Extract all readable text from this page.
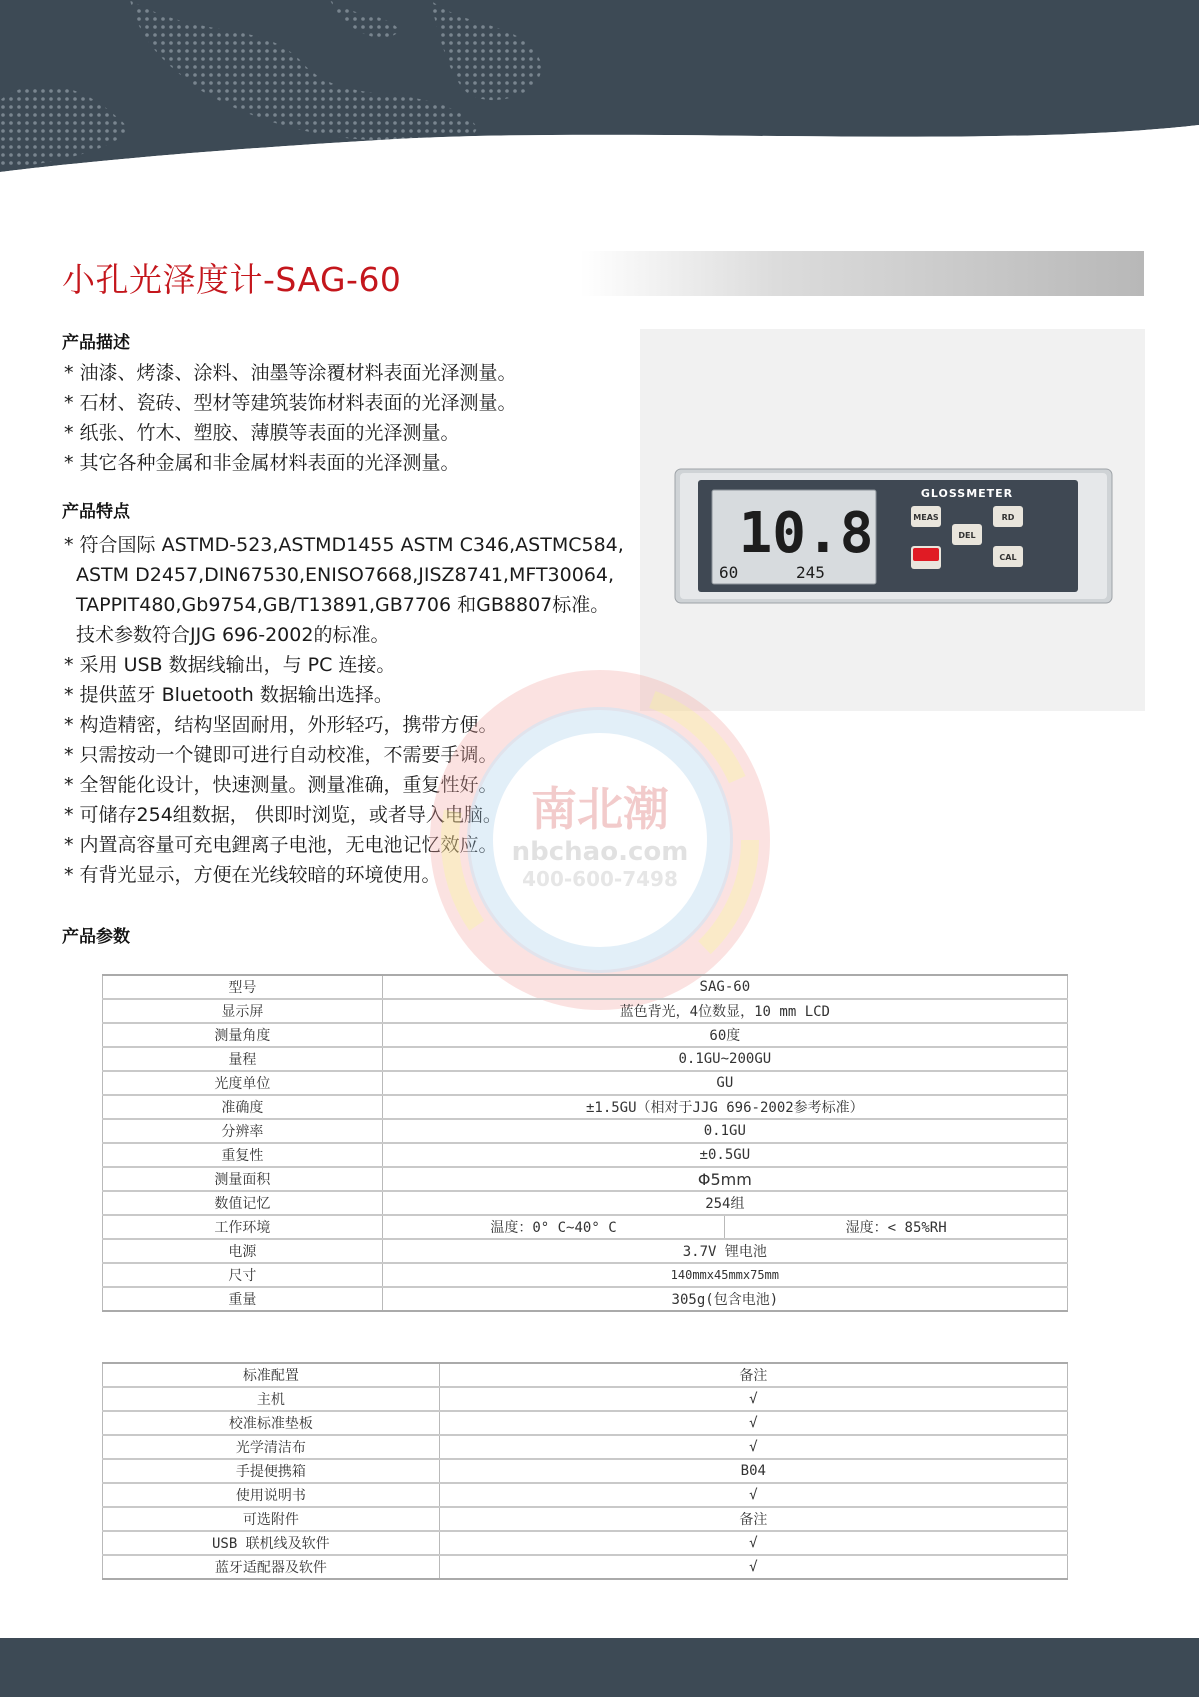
小孔光泽度计-SAG-60
产品描述
* 油漆、烤漆、涂料、油墨等涂覆材料表面光泽测量。
* 石材、瓷砖、型材等建筑装饰材料表面的光泽测量。
* 纸张、竹木、塑胶、薄膜等表面的光泽测量。
* 其它各种金属和非金属材料表面的光泽测量。
产品特点
* 符合国际 ASTMD-523,ASTMD1455 ASTM C346,ASTMC584,
ASTM D2457,DIN67530,ENISO7668,JISZ8741,MFT30064,
TAPPIT480,Gb9754,GB/T13891,GB7706 和GB8807标准。
技术参数符合JJG 696-2002的标准。
* 采用 USB 数据线输出，与 PC 连接。
* 提供蓝牙 Bluetooth 数据输出选择。
* 构造精密，结构坚固耐用，外形轻巧，携带方便。
* 只需按动一个键即可进行自动校准，不需要手调。
* 全智能化设计，快速测量。测量准确，重复性好。
* 可储存254组数据， 供即时浏览，或者导入电脑。
* 内置高容量可充电鋰离子电池，无电池记忆效应。
* 有背光显示，方便在光线较暗的环境使用。
10.8
60	245
GLOSSMETER
MEAS
DEL
RD
CAL
南北潮
nbchao.com
400-600-7498
产品参数
型号	SAG-60	
显示屏	蓝色背光，4位数显，10 mm LCD	
测量角度	60度	
量程	0.1GU~200GU	
光度单位	GU	
准确度	±1.5GU（相对于JJG 696-2002参考标准）	
分辨率	0.1GU	
重复性	±0.5GU	
测量面积	Φ5mm	
数值记忆	254组	
工作环境	温度：0° C~40° C	湿度：< 85%RH
电源	3.7V 锂电池	
尺寸	140mmx45mmx75mm	
重量	305g(包含电池)	
标准配置	备注
主机	√
校准标准垫板	√
光学清洁布	√
手提便携箱	B04
使用说明书	√
可选附件	备注
USB 联机线及软件	√
蓝牙适配器及软件	√
